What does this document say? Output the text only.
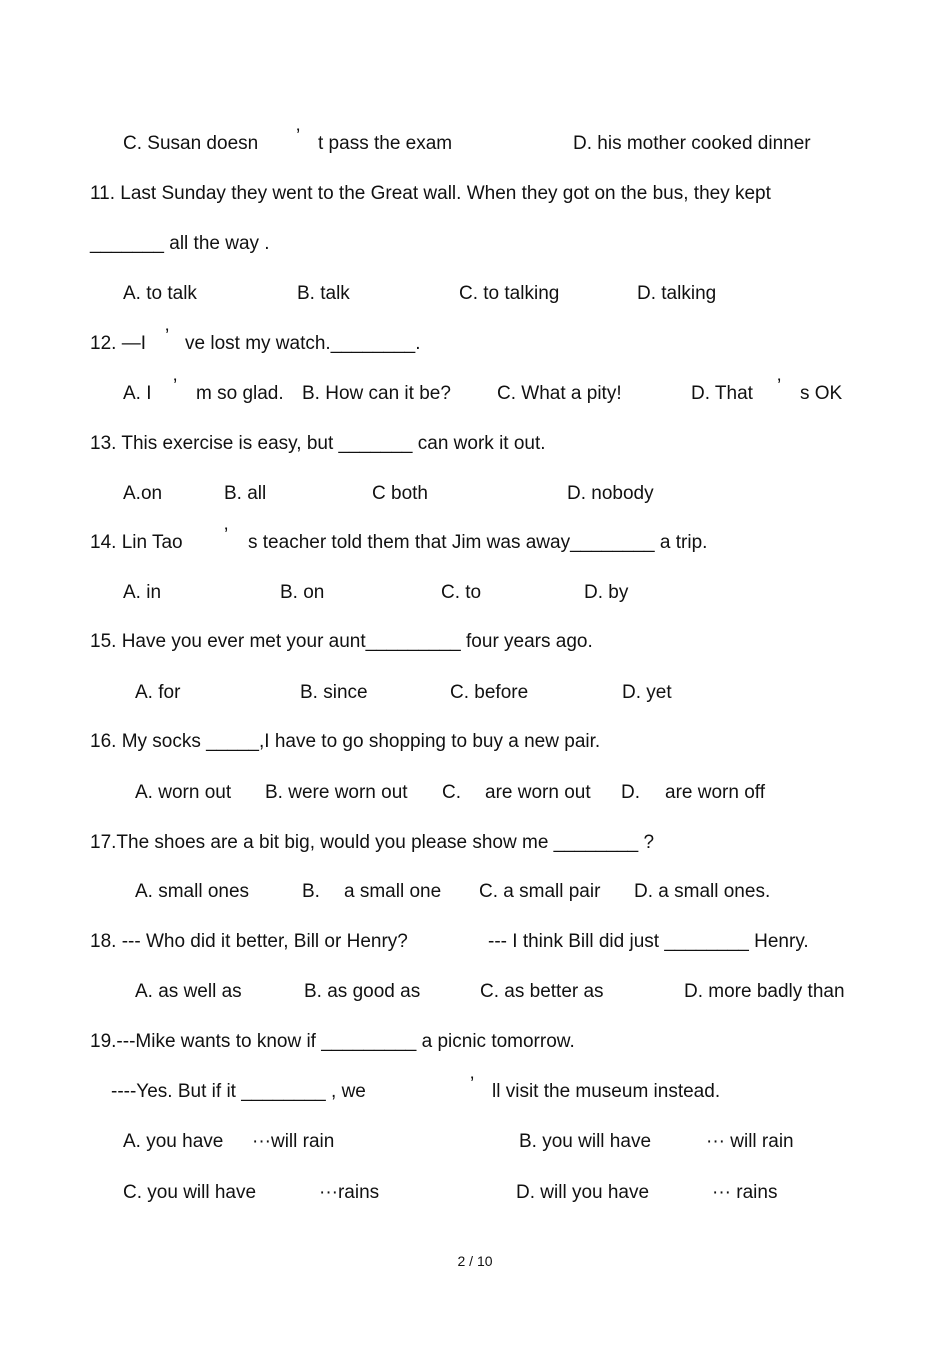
C. Susan doesn ’ t pass the exam	D. his mother cooked dinner
11. Last Sunday they went to the Great wall. When they got on the bus, they kept
_______ all the way .
A. to talk	B. talk	C. to talking	D. talking
12. —I ’ ve lost my watch.________.
A. I ’ m so glad. B. How can it be? C. What a pity!	D. That ’ s OK
13. This exercise is easy, but _______ can work it out.
A.on	B. all	C both	D. nobody
14. Lin Tao ’ s teacher told them that Jim was away________ a trip.
A. in	B. on	C. to	D. by
15. Have you ever met your aunt_________ four years ago.
A. for	B. since	C. before	D. yet
16. My socks _____,I have to go shopping to buy a new pair.
A. worn out B. were worn out C. are worn out D. are worn off
17.The shoes are a bit big, would you please show me ________ ?
A. small ones	B. a small one C. a small pair D. a small ones.
18. --- Who did it better, Bill or Henry?	--- I think Bill did just ________ Henry.
A. as well as	B. as good as	C. as better as	D. more badly than
19.---Mike wants to know if _________ a picnic tomorrow.
----Yes. But if it ________ , we	’ ll visit the museum instead.
A. you have ···will rain	B. you will have	··· will rain
C. you will have	···rains	D. will you have	··· rains
2 / 10
